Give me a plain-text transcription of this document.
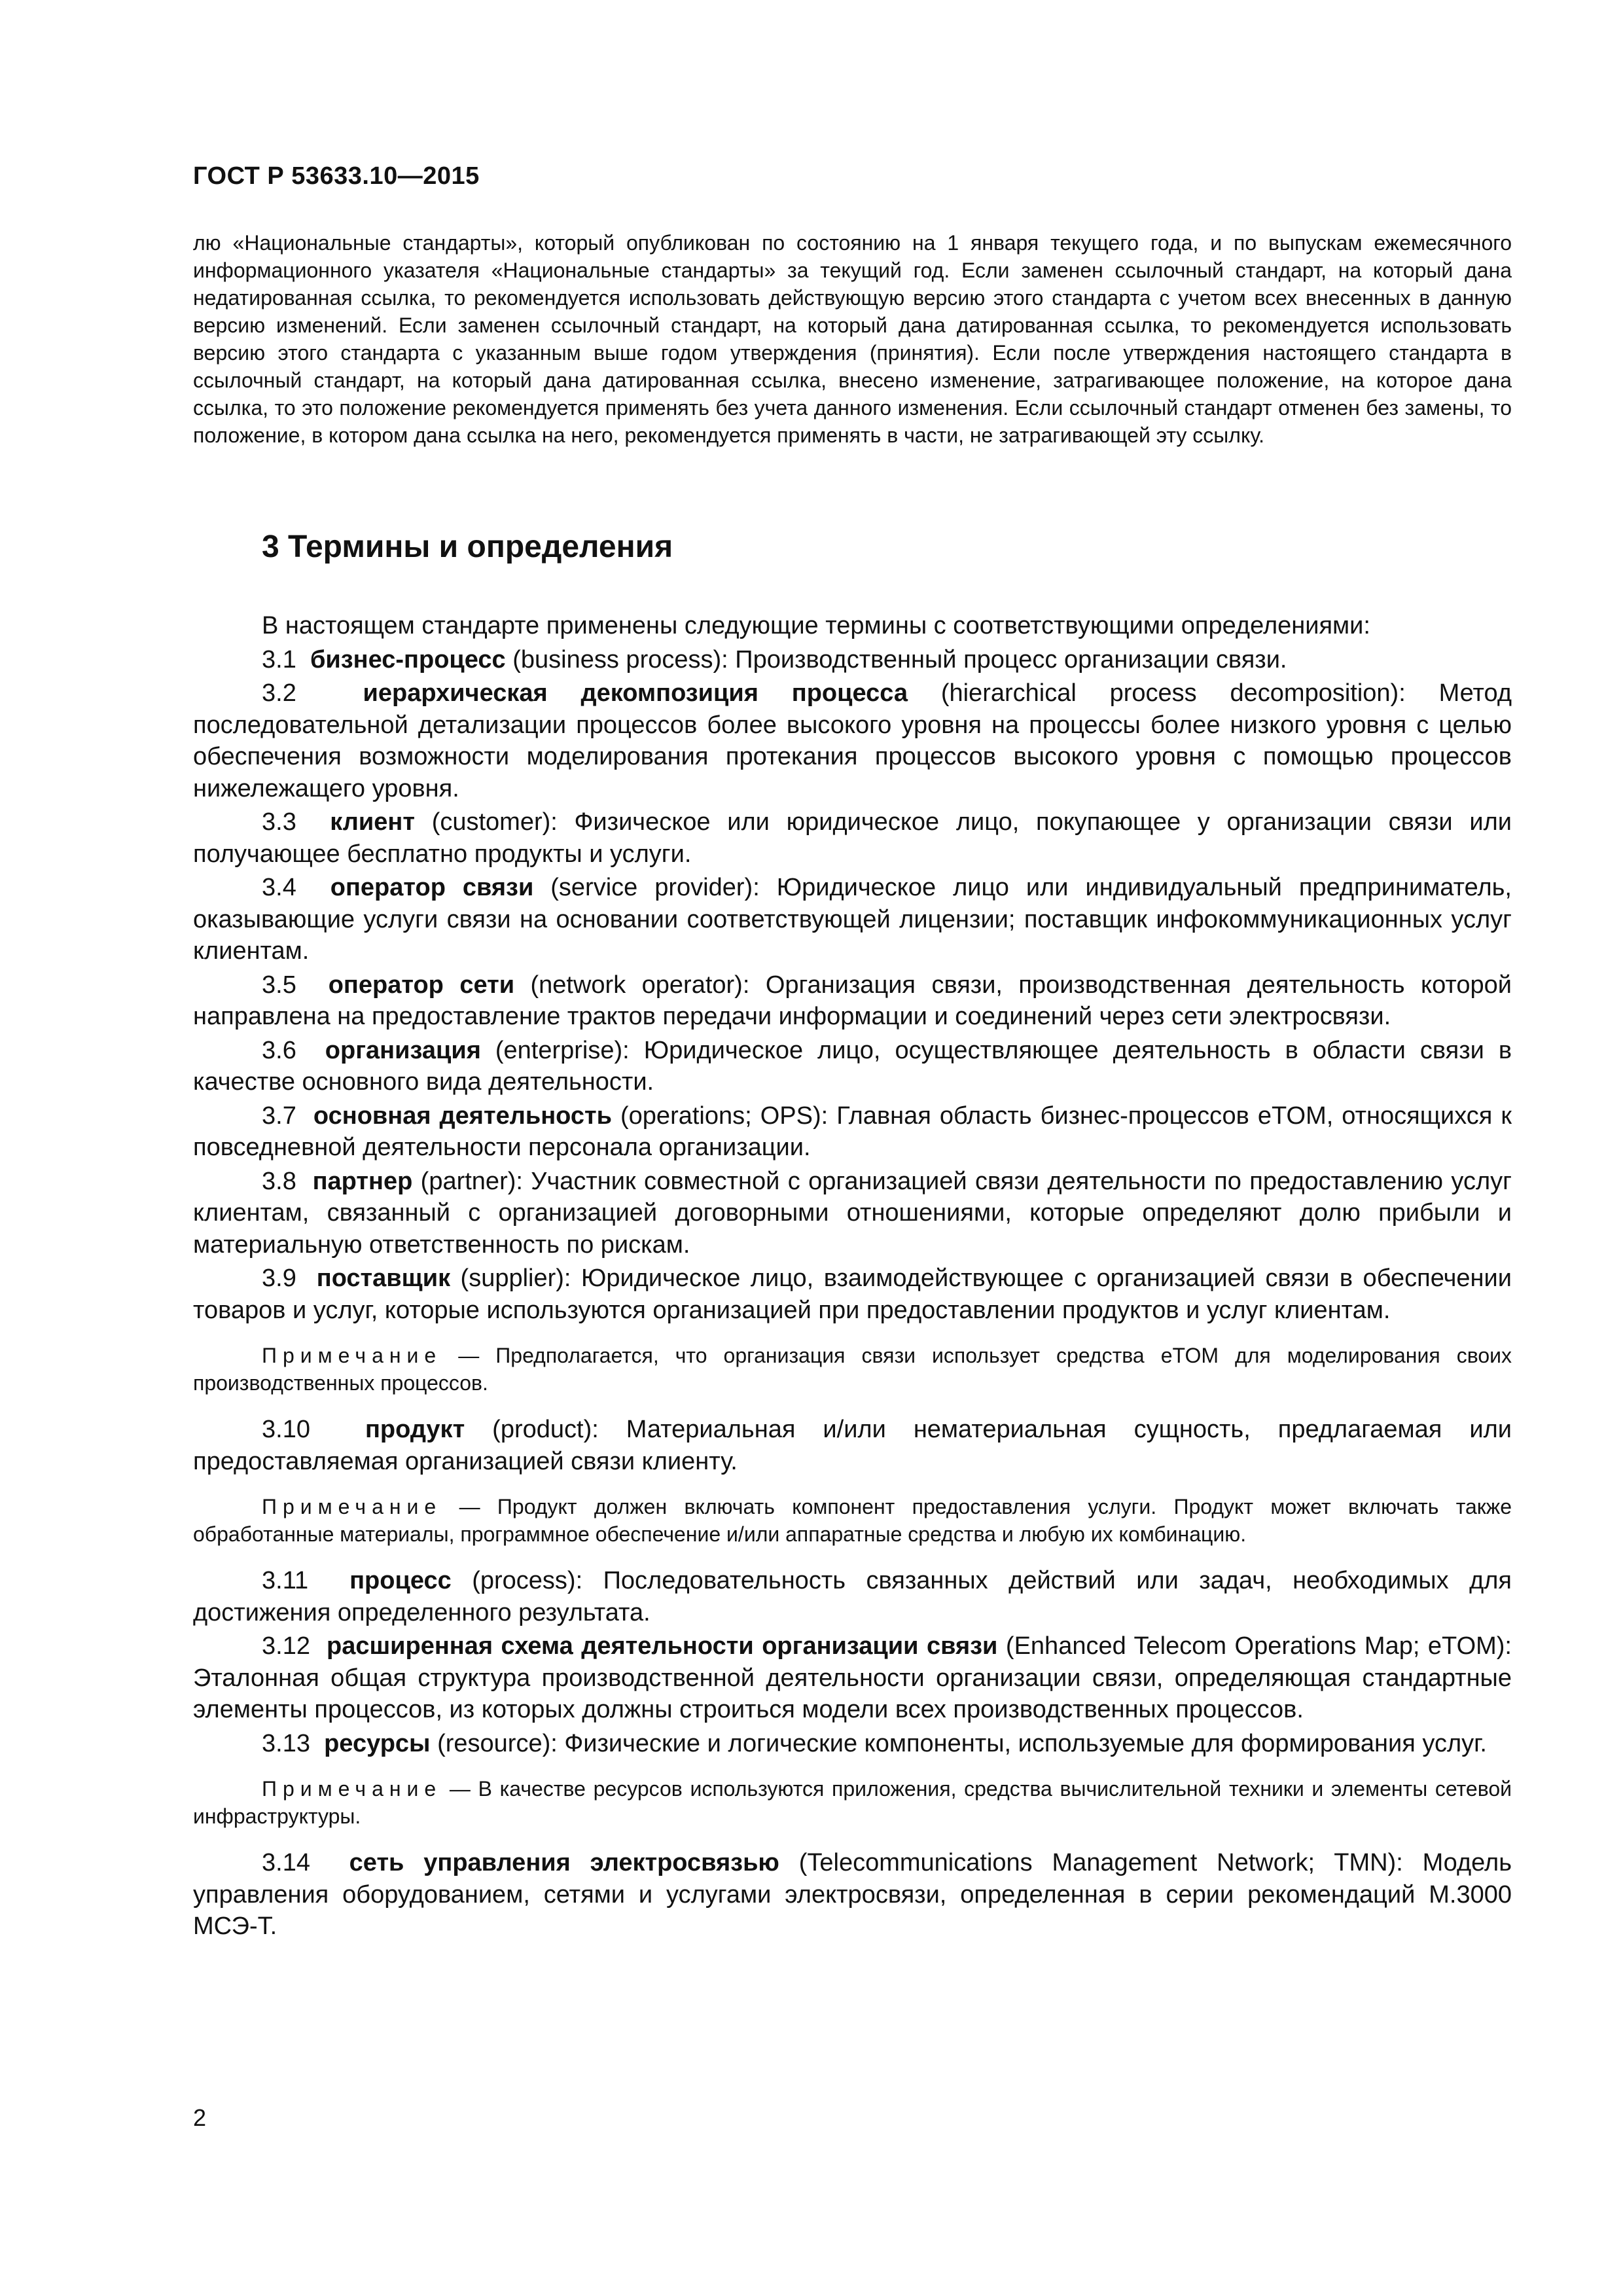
ГОСТ Р 53633.10—2015
лю «Национальные стандарты», который опубликован по состоянию на 1 января текущего года, и по выпускам ежемесячного информационного указателя «Национальные стандарты» за текущий год. Если заменен ссылочный стандарт, на который дана недатированная ссылка, то рекомендуется использовать действующую версию этого стандарта с учетом всех внесенных в данную версию изменений. Если заменен ссылочный стандарт, на который дана датированная ссылка, то рекомендуется использовать версию этого стандарта с указанным выше годом утверждения (принятия). Если после утверждения настоящего стандарта в ссылочный стандарт, на который дана датированная ссылка, внесено изменение, затрагивающее положение, на которое дана ссылка, то это положение рекомендуется применять без учета данного изменения. Если ссылочный стандарт отменен без замены, то положение, в котором дана ссылка на него, рекомендуется применять в части, не затрагивающей эту ссылку.
3 Термины и определения

В настоящем стандарте применены следующие термины с соответствующими определениями:

3.1 бизнес-процесс (business process): Производственный процесс организации связи.

3.2	иерархическая декомпозиция процесса (hierarchical process decomposition): Метод последовательной детализации процессов более высокого уровня на процессы более низкого уровня с целью обеспечения возможности моделирования протекания процессов высокого уровня с помощью процессов нижележащего уровня.

3.3 клиент (customer): Физическое или юридическое лицо, покупающее у организации связи или получающее бесплатно продукты и услуги.

3.4 оператор связи (service provider): Юридическое лицо или индивидуальный предприниматель, оказывающие услуги связи на основании соответствующей лицензии; поставщик инфокоммуникационных услуг клиентам.

3.5 оператор сети (network operator): Организация связи, производственная деятельность которой направлена на предоставление трактов передачи информации и соединений через сети электросвязи.

3.6 организация (enterprise): Юридическое лицо, осуществляющее деятельность в области связи в качестве основного вида деятельности.

3.7 основная деятельность (operations; OPS): Главная область бизнес-процессов eTOM, относящихся к повседневной деятельности персонала организации.

3.8 партнер (partner): Участник совместной с организацией связи деятельности по предоставлению услуг клиентам, связанный с организацией договорными отношениями, которые определяют долю прибыли и материальную ответственность по рискам.

3.9 поставщик (supplier): Юридическое лицо, взаимодействующее с организацией связи в обеспечении товаров и услуг, которые используются организацией при предоставлении продуктов и услуг клиентам.

Примечание — Предполагается, что организация связи использует средства eTOM для моделирования своих производственных процессов.

3.10 продукт (product): Материальная и/или нематериальная сущность, предлагаемая или предоставляемая организацией связи клиенту.

Примечание — Продукт должен включать компонент предоставления услуги. Продукт может включать также обработанные материалы, программное обеспечение и/или аппаратные средства и любую их комбинацию.

3.11 процесс (process): Последовательность связанных действий или задач, необходимых для достижения определенного результата.

3.12 расширенная схема деятельности организации связи (Enhanced Telecom Operations Map; eTOM): Эталонная общая структура производственной деятельности организации связи, определяющая стандартные элементы процессов, из которых должны строиться модели всех производственных процессов.

3.13 ресурсы (resource): Физические и логические компоненты, используемые для формирования услуг.

Примечание — В качестве ресурсов используются приложения, средства вычислительной техники и элементы сетевой инфраструктуры.

3.14 сеть управления электросвязью (Telecommunications Management Network; TMN): Модель управления оборудованием, сетями и услугами электросвязи, определенная в серии рекомендаций М.3000 МСЭ-Т.

2
